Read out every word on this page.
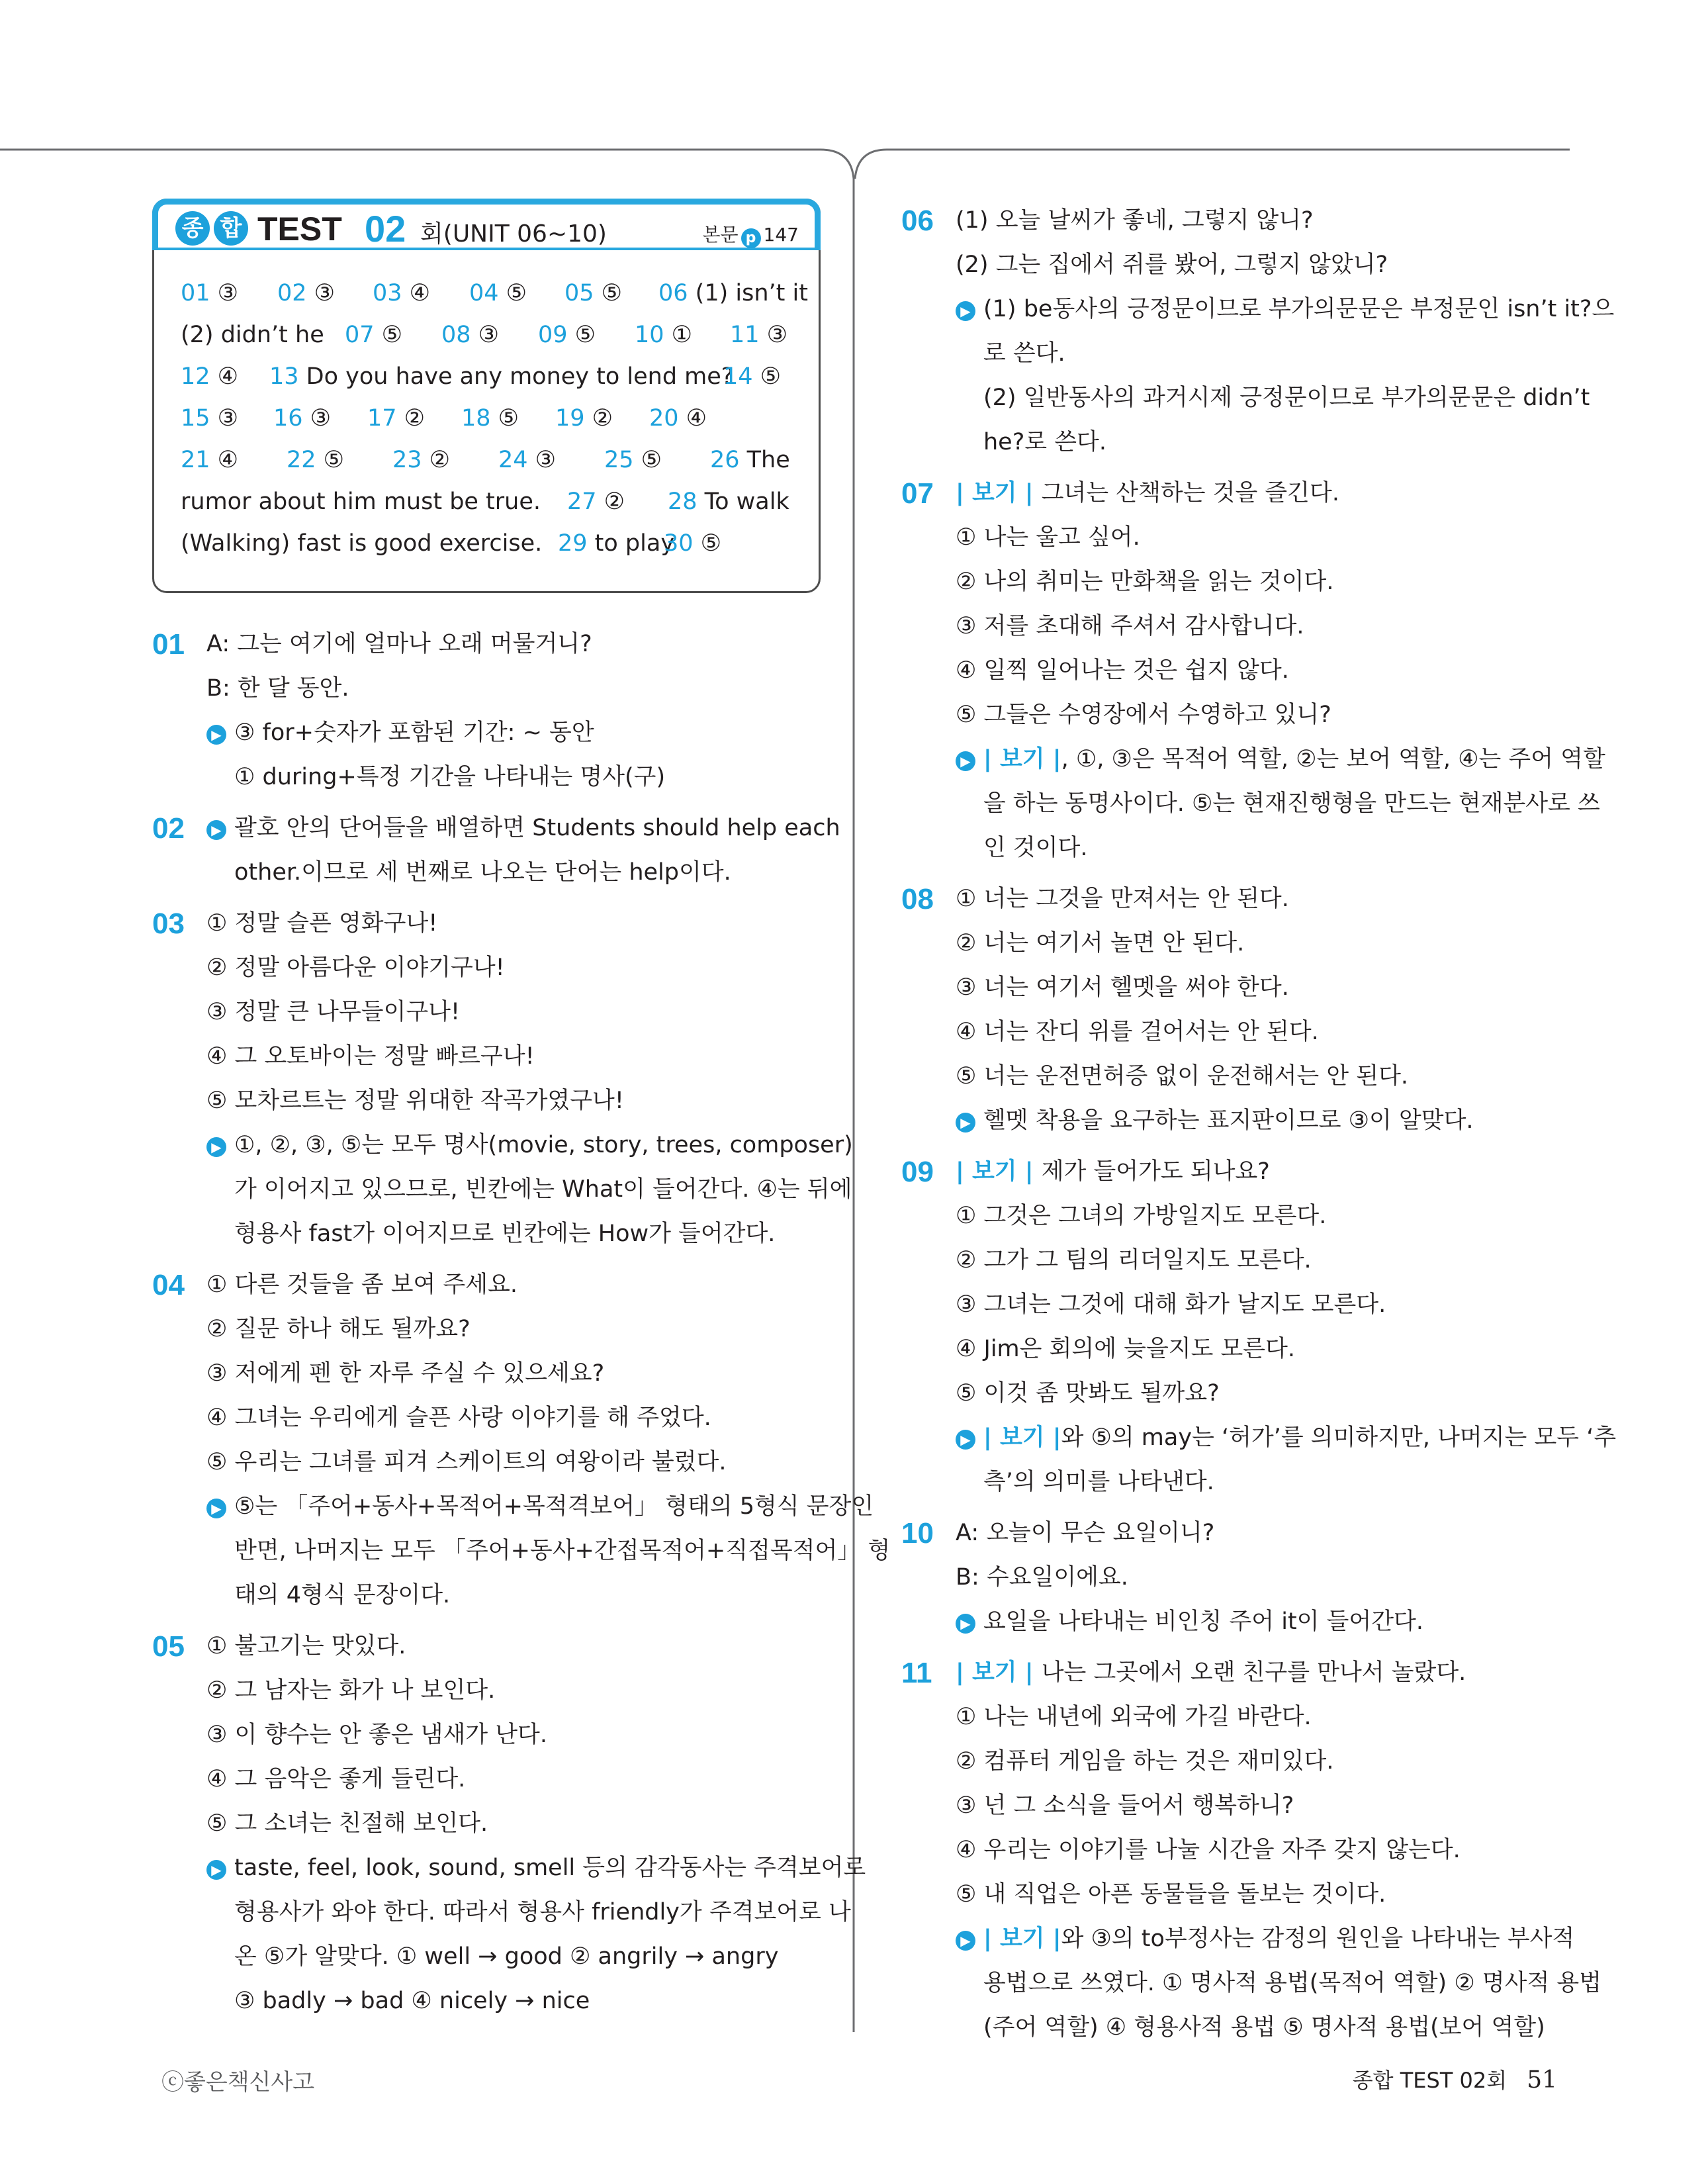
종 합 TEST 02 회(UNIT 06~10)	본문 p 147
01 ③ 02 ③ 03 ④ 04 ⑤ 05 ⑤ 06 (1) isn’t it
(2) didn’t he 07 ⑤ 08 ③ 09 ⑤ 10 ① 11 ③
12 ④ 13 Do you have any money to lend me?
14 ⑤
15 ③ 16 ③ 17 ② 18 ⑤ 19 ② 20 ④
21 ④ 22 ⑤ 23 ② 24 ③ 25 ⑤ 26 The
rumor about him must be true. 27 ② 28 To walk
(Walking) fast is good exercise. 29 to play
30 ⑤
01 A: 그는 여기에 얼마나 오래 머물거니?
B: 한 달 동안.
▶ ③ for+숫자가 포함된 기간: ~ 동안
① during+특정 기간을 나타내는 명사(구)
02	▶ 괄호 안의 단어들을 배열하면 Students should help each
other.이므로 세 번째로 나오는 단어는 help이다.
03 ① 정말 슬픈 영화구나!
② 정말 아름다운 이야기구나!
③ 정말 큰 나무들이구나!
④ 그 오토바이는 정말 빠르구나!
⑤ 모차르트는 정말 위대한 작곡가였구나!
▶ ①, ②, ③, ⑤는 모두 명사(movie, story, trees, composer)
가 이어지고 있으므로, 빈칸에는 What이 들어간다. ④는 뒤에
형용사 fast가 이어지므로 빈칸에는 How가 들어간다.
04 ① 다른 것들을 좀 보여 주세요.
② 질문 하나 해도 될까요?
③ 저에게 펜 한 자루 주실 수 있으세요?
④ 그녀는 우리에게 슬픈 사랑 이야기를 해 주었다.
⑤ 우리는 그녀를 피겨 스케이트의 여왕이라 불렀다.
▶ ⑤는 「주어+동사+목적어+목적격보어」 형태의 5형식 문장인
반면, 나머지는 모두 「주어+동사+간접목적어+직접목적어」 형
태의 4형식 문장이다.
05 ① 불고기는 맛있다.
② 그 남자는 화가 나 보인다.
③ 이 향수는 안 좋은 냄새가 난다.
④ 그 음악은 좋게 들린다.
⑤ 그 소녀는 친절해 보인다.
▶ taste, feel, look, sound, smell 등의 감각동사는 주격보어로
형용사가 와야 한다. 따라서 형용사 friendly가 주격보어로 나
온 ⑤가 알맞다. ① well → good ② angrily → angry
③ badly → bad ④ nicely → nice
06 (1) 오늘 날씨가 좋네, 그렇지 않니?
(2) 그는 집에서 쥐를 봤어, 그렇지 않았니?
▶ (1) be동사의 긍정문이므로 부가의문문은 부정문인 isn’t it?으
로 쓴다.
(2) 일반동사의 과거시제 긍정문이므로 부가의문문은 didn’t
he?로 쓴다.
07 | 보기 | 그녀는 산책하는 것을 즐긴다.
① 나는 울고 싶어.
② 나의 취미는 만화책을 읽는 것이다.
③ 저를 초대해 주셔서 감사합니다.
④ 일찍 일어나는 것은 쉽지 않다.
⑤ 그들은 수영장에서 수영하고 있니?
▶ | 보기 |, ①, ③은 목적어 역할, ②는 보어 역할, ④는 주어 역할
을 하는 동명사이다. ⑤는 현재진행형을 만드는 현재분사로 쓰
인 것이다.
08 ① 너는 그것을 만져서는 안 된다.
② 너는 여기서 놀면 안 된다.
③ 너는 여기서 헬멧을 써야 한다.
④ 너는 잔디 위를 걸어서는 안 된다.
⑤ 너는 운전면허증 없이 운전해서는 안 된다.
▶ 헬멧 착용을 요구하는 표지판이므로 ③이 알맞다.
09 | 보기 | 제가 들어가도 되나요?
① 그것은 그녀의 가방일지도 모른다.
② 그가 그 팀의 리더일지도 모른다.
③ 그녀는 그것에 대해 화가 날지도 모른다.
④ Jim은 회의에 늦을지도 모른다.
⑤ 이것 좀 맛봐도 될까요?
▶ | 보기 |와 ⑤의 may는 ‘허가’를 의미하지만, 나머지는 모두 ‘추
측’의 의미를 나타낸다.
10 A: 오늘이 무슨 요일이니?
B: 수요일이에요.
▶ 요일을 나타내는 비인칭 주어 it이 들어간다.
11 | 보기 | 나는 그곳에서 오랜 친구를 만나서 놀랐다.
① 나는 내년에 외국에 가길 바란다.
② 컴퓨터 게임을 하는 것은 재미있다.
③ 넌 그 소식을 들어서 행복하니?
④ 우리는 이야기를 나눌 시간을 자주 갖지 않는다.
⑤ 내 직업은 아픈 동물들을 돌보는 것이다.
▶ | 보기 |와 ③의 to부정사는 감정의 원인을 나타내는 부사적
용법으로 쓰였다. ① 명사적 용법(목적어 역할) ② 명사적 용법
(주어 역할) ④ 형용사적 용법 ⑤ 명사적 용법(보어 역할)
ⓒ좋은책신사고	종합 TEST 02회 51
